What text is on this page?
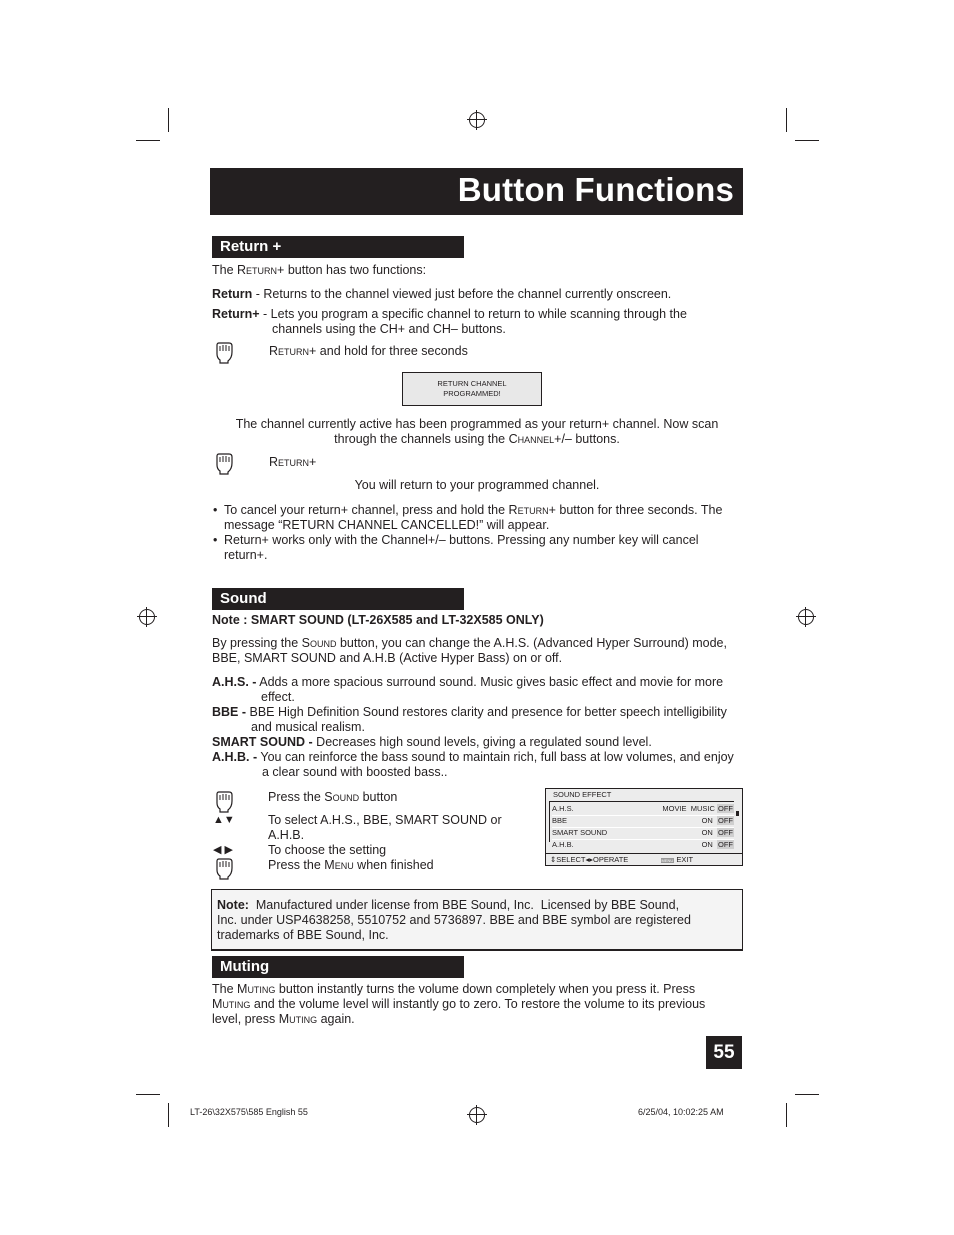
Button Functions
Return +
The Return+ button has two functions:
Return - Returns to the channel viewed just before the channel currently onscreen.
Return+ - Lets you program a specific channel to return to while scanning through the
channels using the CH+ and CH– buttons.
Return+ and hold for three seconds
RETURN CHANNEL
PROGRAMMED!
The channel currently active has been programmed as your return+ channel. Now scan
through the channels using the Channel+/– buttons.
Return+
You will return to your programmed channel.
• To cancel your return+ channel, press and hold the Return+ button for three seconds. The
message “RETURN CHANNEL CANCELLED!” will appear.
• Return+ works only with the Channel+/– buttons. Pressing any number key will cancel
return+.
Sound
Note : SMART SOUND (LT-26X585 and LT-32X585 ONLY)
By pressing the Sound button, you can change the A.H.S. (Advanced Hyper Surround) mode,
BBE, SMART SOUND and A.H.B (Active Hyper Bass) on or off.
A.H.S. - Adds a more spacious surround sound. Music gives basic effect and movie for more
effect.
BBE - BBE High Definition Sound restores clarity and presence for better speech intelligibility
and musical realism.
SMART SOUND - Decreases high sound levels, giving a regulated sound level.
A.H.B. - You can reinforce the bass sound to maintain rich, full bass at low volumes, and enjoy
a clear sound with boosted bass..
Press the Sound button
▲▼	To select A.H.S., BBE, SMART SOUND or
A.H.B.
◀ ▶	To choose the setting
Press the Menu when finished
SOUND EFFECT
A.H.S.	MOVIE  MUSIC OFF
BBE	ON OFF
SMART SOUND	ON OFF
A.H.B.	ON OFF
⇕SELECT◂▸OPERATE	MENU EXIT
Note:  Manufactured under license from BBE Sound, Inc.  Licensed by BBE Sound,
Inc. under USP4638258, 5510752 and 5736897. BBE and BBE symbol are registered
trademarks of BBE Sound, Inc.
Muting
The Muting button instantly turns the volume down completely when you press it. Press
Muting and the volume level will instantly go to zero. To restore the volume to its previous
level, press Muting again.
55
LT-26\32X575\585 English 55	6/25/04, 10:02:25 AM
